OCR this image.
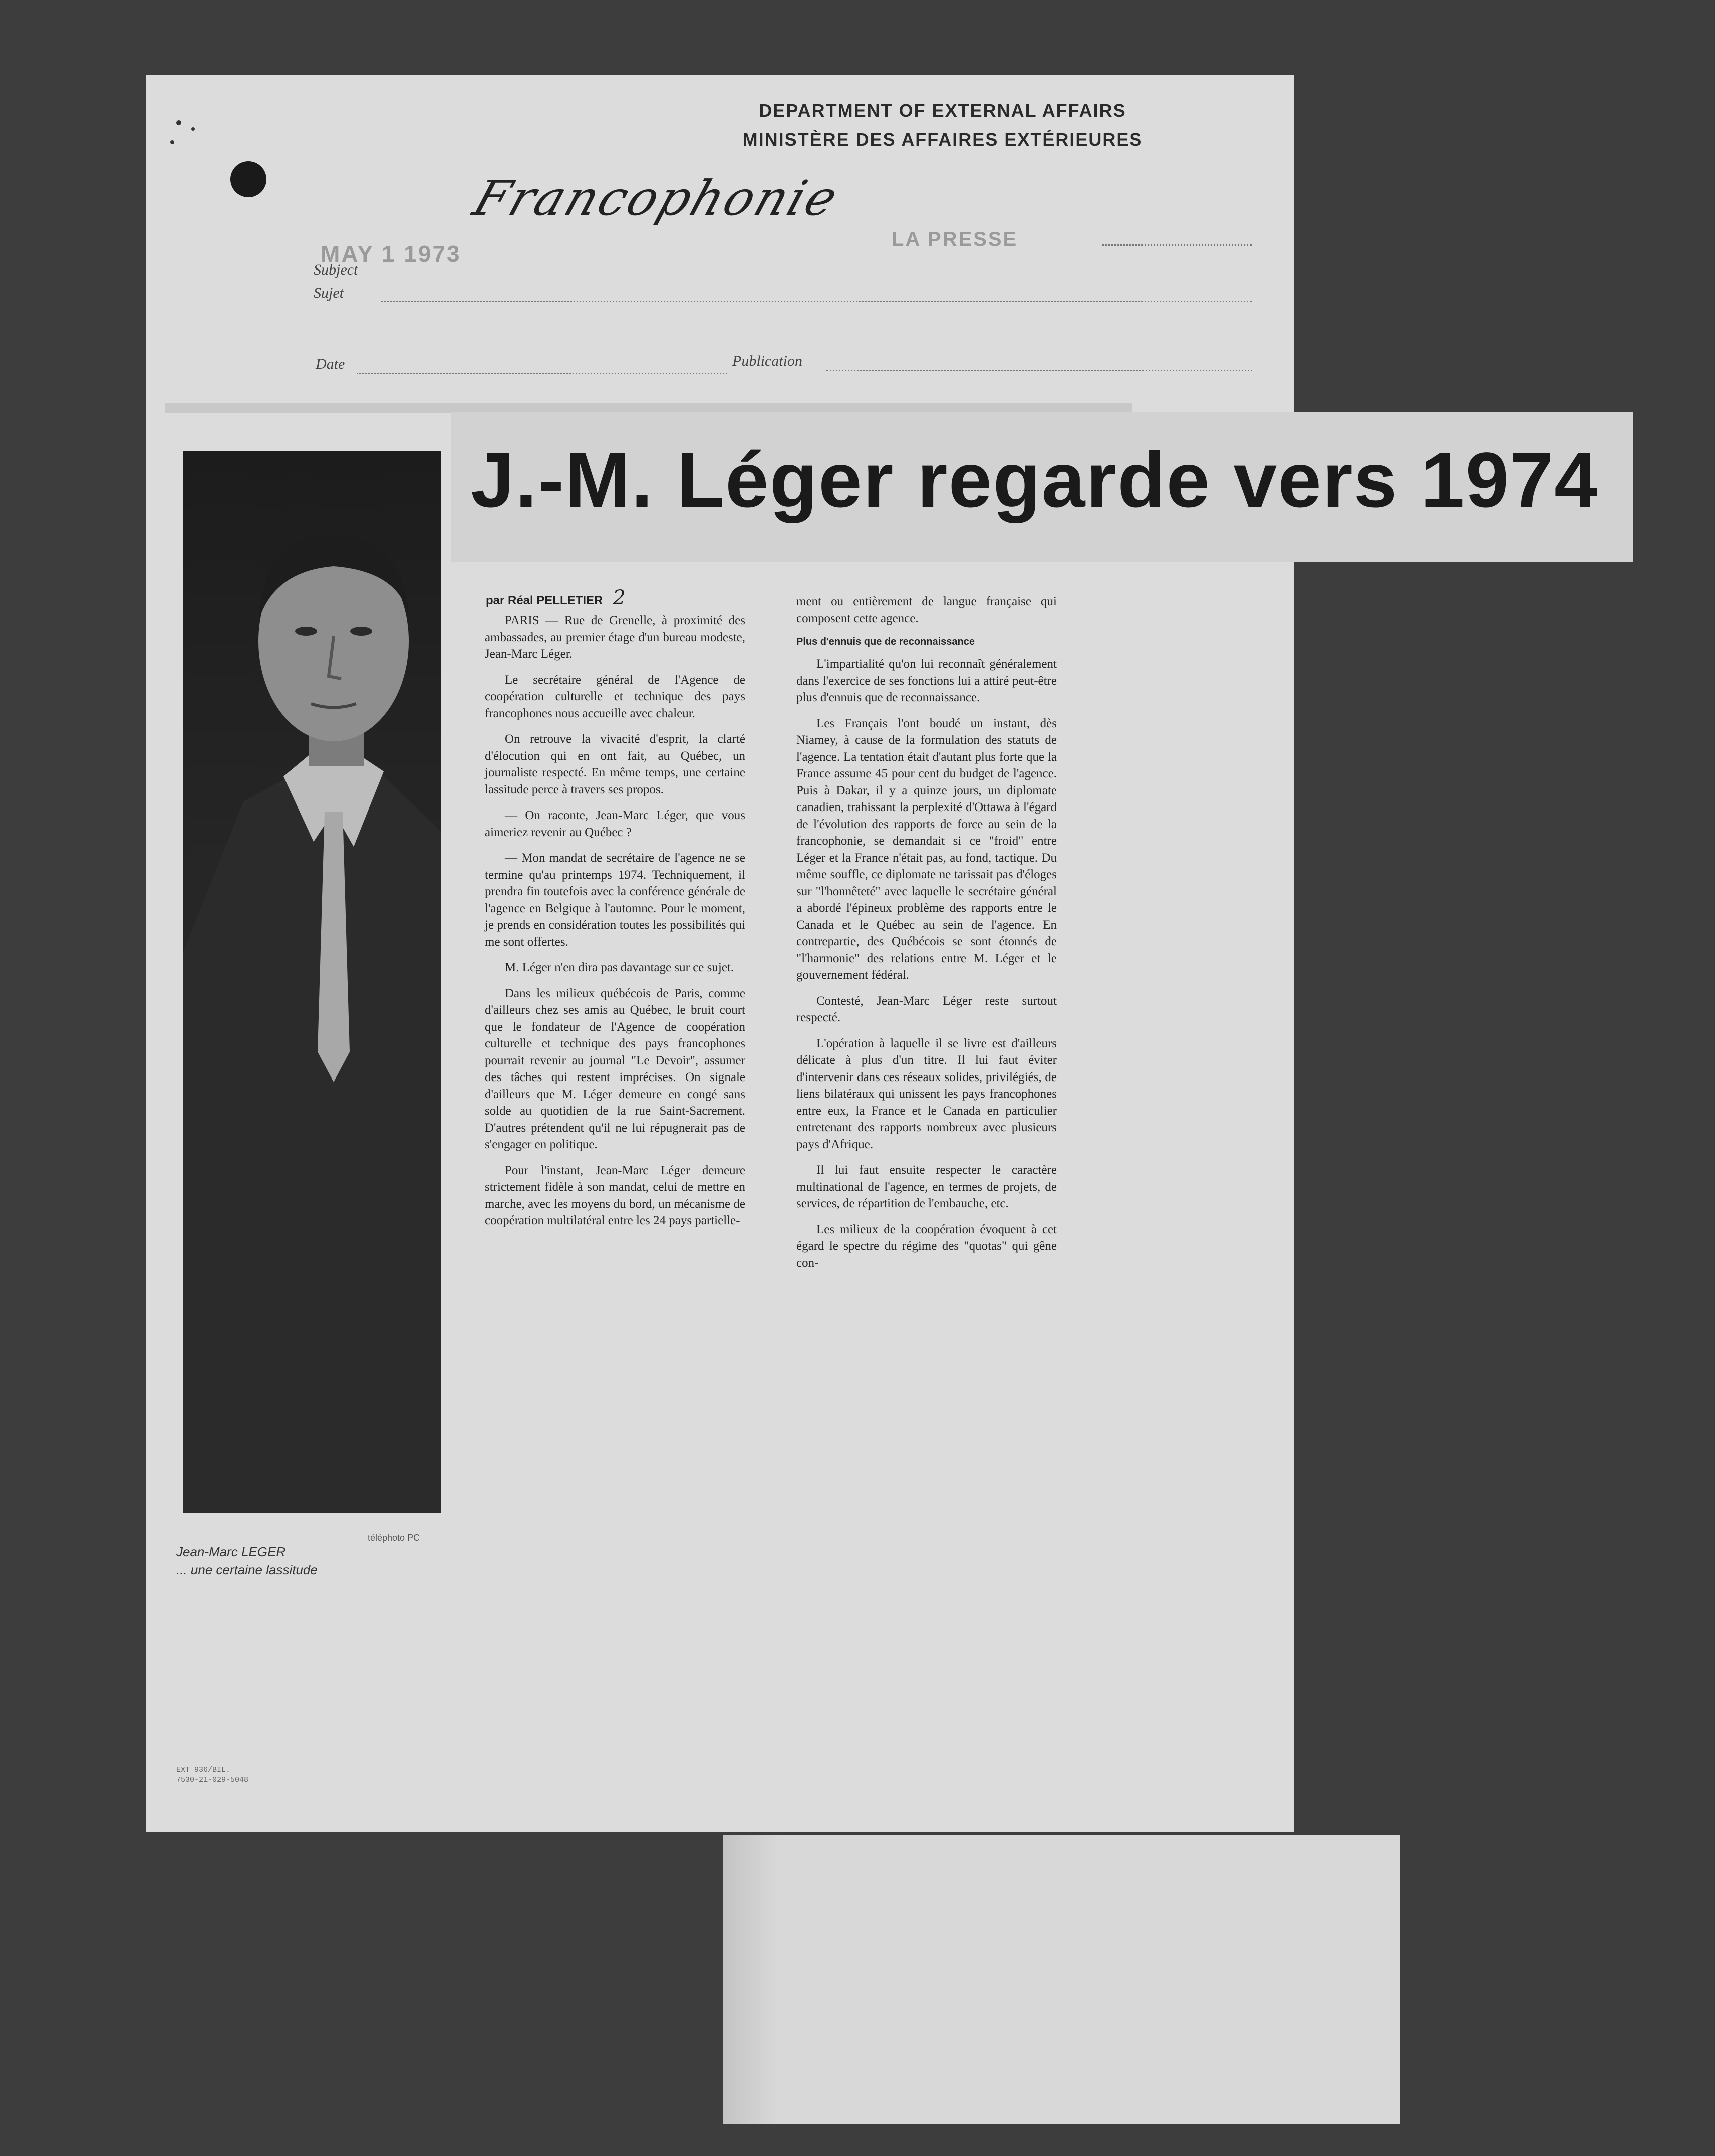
DEPARTMENT OF EXTERNAL AFFAIRS
MINISTÈRE DES AFFAIRES EXTÉRIEURES
Subject
Sujet
Francophonie
MAY 1 1973
LA PRESSE
Date	Publication
J.-M. Léger regarde vers 1974
téléphoto PC
Jean-Marc LEGER
... une certaine lassitude
par Réal PELLETIER 2

PARIS — Rue de Grenelle, à proximité des ambassades, au premier étage d'un bureau modeste, Jean-Marc Léger.

Le secrétaire général de l'Agence de coopération culturelle et technique des pays francophones nous accueille avec chaleur.

On retrouve la vivacité d'esprit, la clarté d'élocution qui en ont fait, au Québec, un journaliste respecté. En même temps, une certaine lassitude perce à travers ses propos.

— On raconte, Jean-Marc Léger, que vous aimeriez revenir au Québec ?

— Mon mandat de secrétaire de l'agence ne se termine qu'au printemps 1974. Techniquement, il prendra fin toutefois avec la conférence générale de l'agence en Belgique à l'automne. Pour le moment, je prends en considération toutes les possibilités qui me sont offertes.

M. Léger n'en dira pas davantage sur ce sujet.

Dans les milieux québécois de Paris, comme d'ailleurs chez ses amis au Québec, le bruit court que le fondateur de l'Agence de coopération culturelle et technique des pays francophones pourrait revenir au journal "Le Devoir", assumer des tâches qui restent imprécises. On signale d'ailleurs que M. Léger demeure en congé sans solde au quotidien de la rue Saint-Sacrement. D'autres prétendent qu'il ne lui répugnerait pas de s'engager en politique.

Pour l'instant, Jean-Marc Léger demeure strictement fidèle à son mandat, celui de mettre en marche, avec les moyens du bord, un mécanisme de coopération multilatéral entre les 24 pays partielle-

ment ou entièrement de langue française qui composent cette agence.

Plus d'ennuis que de reconnaissance

L'impartialité qu'on lui reconnaît généralement dans l'exercice de ses fonctions lui a attiré peut-être plus d'ennuis que de reconnaissance.

Les Français l'ont boudé un instant, dès Niamey, à cause de la formulation des statuts de l'agence. La tentation était d'autant plus forte que la France assume 45 pour cent du budget de l'agence. Puis à Dakar, il y a quinze jours, un diplomate canadien, trahissant la perplexité d'Ottawa à l'égard de l'évolution des rapports de force au sein de la francophonie, se demandait si ce "froid" entre Léger et la France n'était pas, au fond, tactique. Du même souffle, ce diplomate ne tarissait pas d'éloges sur "l'honnêteté" avec laquelle le secrétaire général a abordé l'épineux problème des rapports entre le Canada et le Québec au sein de l'agence. En contrepartie, des Québécois se sont étonnés de "l'harmonie" des relations entre M. Léger et le gouvernement fédéral.

Contesté, Jean-Marc Léger reste surtout respecté.

L'opération à laquelle il se livre est d'ailleurs délicate à plus d'un titre. Il lui faut éviter d'intervenir dans ces réseaux solides, privilégiés, de liens bilatéraux qui unissent les pays francophones entre eux, la France et le Canada en particulier entretenant des rapports nombreux avec plusieurs pays d'Afrique.

Il lui faut ensuite respecter le caractère multinational de l'agence, en termes de projets, de services, de répartition de l'embauche, etc.

Les milieux de la coopération évoquent à cet égard le spectre du régime des "quotas" qui gêne con-

EXT 936/BIL.
7530-21-029-5048
